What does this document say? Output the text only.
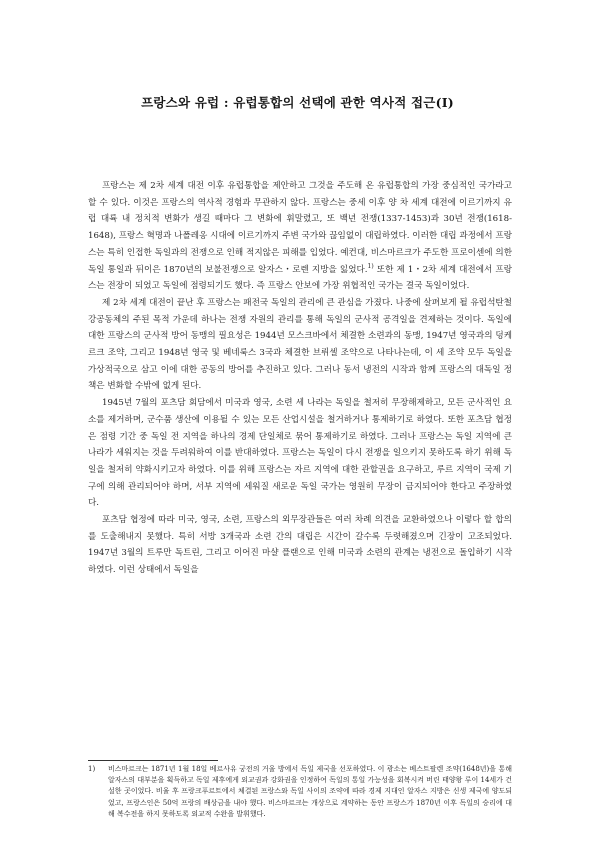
프랑스와 유럽 : 유럽통합의 선택에 관한 역사적 접근(I)

프랑스는 제 2차 세계 대전 이후 유럽통합을 제안하고 그것을 주도해 온 유럽통합의 가장 중심적인 국가라고 할 수 있다. 이것은 프랑스의 역사적 경험과 무관하지 않다. 프랑스는 중세 이후 양 차 세계 대전에 이르기까지 유럽 대륙 내 정치적 변화가 생길 때마다 그 변화에 휘말렸고, 또 백년 전쟁(1337-1453)과 30년 전쟁(1618-1648), 프랑스 혁명과 나폴레옹 시대에 이르기까지 주변 국가와 끊임없이 대립하였다. 이러한 대립 과정에서 프랑스는 특히 인접한 독일과의 전쟁으로 인해 적지않은 피해를 입었다. 예컨대, 비스마르크가 주도한 프로이센에 의한 독일 통일과 뒤이은 1870년의 보불전쟁으로 알자스・로렌 지방을 잃었다.$^{1)}$ 또한 제 1・2차 세계 대전에서 프랑스는 전장이 되었고 독일에 점령되기도 했다. 즉 프랑스 안보에 가장 위협적인 국가는 결국 독일이었다.

제 2차 세계 대전이 끝난 후 프랑스는 패전국 독일의 관리에 큰 관심을 가졌다. 나중에 살펴보게 될 유럽석탄철강공동체의 주된 목적 가운데 하나는 전쟁 자원의 관리를 통해 독일의 군사적 공격일을 견제하는 것이다. 독일에 대한 프랑스의 군사적 방어 동맹의 필요성은 1944년 모스크바에서 체결한 소련과의 동맹, 1947년 영국과의 덩케르크 조약, 그리고 1948년 영국 및 베네룩스 3국과 체결한 브뤼셀 조약으로 나타나는데, 이 세 조약 모두 독일을 가상적국으로 삼고 이에 대한 공동의 방어를 추진하고 있다. 그러나 동서 냉전의 시작과 함께 프랑스의 대독일 정책은 변화할 수밖에 없게 된다.

1945년 7월의 포츠담 회담에서 미국과 영국, 소련 세 나라는 독일을 철저히 무장해제하고, 모든 군사적인 요소를 제거하며, 군수품 생산에 이용될 수 있는 모든 산업시설을 철거하거나 통제하기로 하였다. 또한 포츠담 협정은 점령 기간 중 독일 전 지역을 하나의 경제 단일체로 묶어 통제하기로 하였다. 그러나 프랑스는 독일 지역에 큰 나라가 세워지는 것을 두려워하여 이를 반대하였다. 프랑스는 독일이 다시 전쟁을 일으키지 못하도록 하기 위해 독일을 철저히 약화시키고자 하였다. 이를 위해 프랑스는 자르 지역에 대한 관할권을 요구하고, 루르 지역이 국제 기구에 의해 관리되어야 하며, 서부 지역에 세워질 새로운 독일 국가는 영원히 무장이 금지되어야 한다고 주장하였다.

포츠담 협정에 따라 미국, 영국, 소련, 프랑스의 외무장관들은 여러 차례 의견을 교환하였으나 이렇다 할 합의를 도출해내지 못했다. 특히 서방 3개국과 소련 간의 대립은 시간이 갈수록 두렷해졌으며 긴장이 고조되었다. 1947년 3월의 트루만 독트린, 그리고 이어진 마샬 플랜으로 인해 미국과 소련의 관계는 냉전으로 돌입하기 시작하였다. 이런 상태에서 독일을

1) 비스마르크는 1871년 1월 18일 베르사유 궁전의 거울 방에서 독일 제국을 선포하였다. 이 광소는 베스트팔렌 조약(1648년)을 통해 알자스의 대부분을 획득하고 독일 제후에게 외교권과 강화권을 인정하여 독일의 통일 가능성을 회복시켜 버린 태양왕 루이 14세가 건설한 곳이었다. 비율 후 프랑크푸르트에서 체결된 프랑스와 독일 사이의 조약에 따라 경제 지대인 알자스 지방은 신생 제국에 양도되었고, 프랑스인은 50억 프랑의 배상금을 내야 했다. 비스마르크는 개상으로 계약하는 동안 프랑스가 1870년 이후 독일의 승리에 대해 복수전을 하지 못하도록 외교적 수완을 발휘했다.
